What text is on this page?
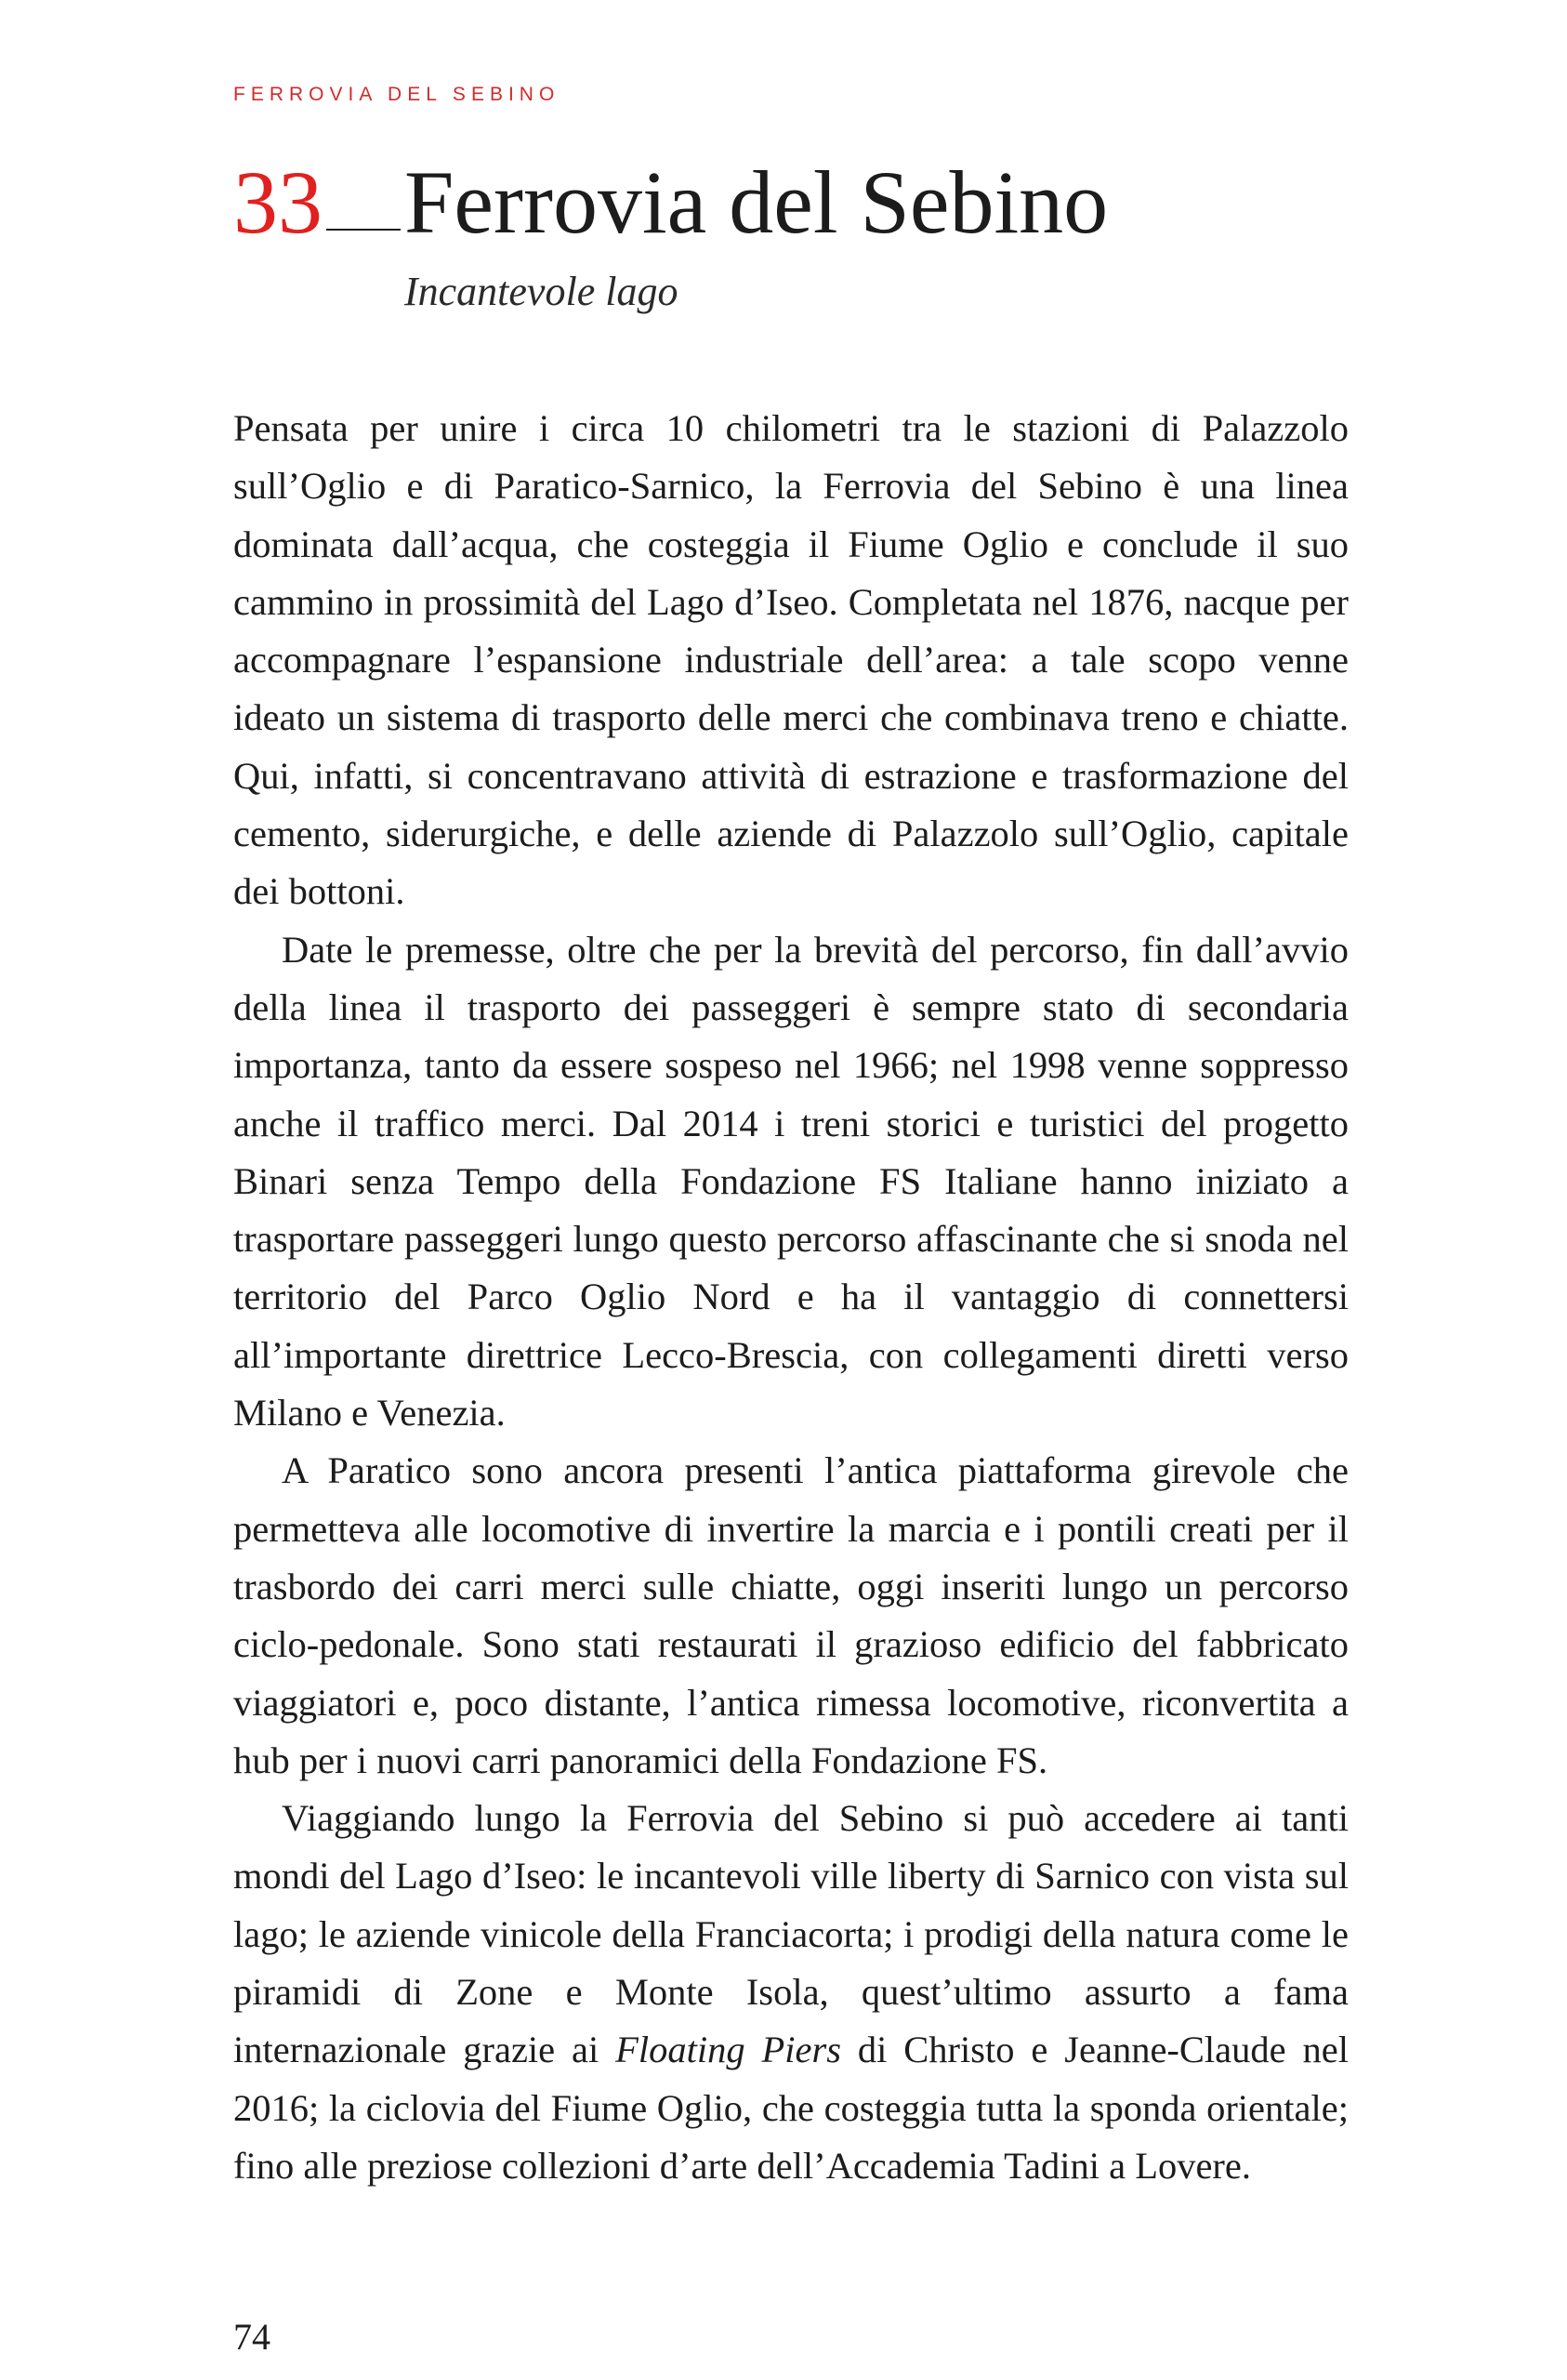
FERROVIA DEL SEBINO
33 Ferrovia del Sebino
Incantevole lago

Pensata per unire i circa 10 chilometri tra le stazioni di Palazzolo sull’Oglio e di Paratico-Sarnico, la Ferrovia del Sebino è una linea dominata dall’acqua, che costeggia il Fiume Oglio e conclude il suo cammino in prossimità del Lago d’Iseo. Completata nel 1876, nacque per accompagnare l’espansione industriale dell’area: a tale scopo venne ideato un sistema di trasporto delle merci che combinava treno e chiatte. Qui, infatti, si concentravano attività di estrazione e trasformazione del cemento, siderurgiche, e delle aziende di Palazzolo sull’Oglio, capitale dei bottoni.

Date le premesse, oltre che per la brevità del percorso, fin dall’avvio della linea il trasporto dei passeggeri è sempre stato di secondaria importanza, tanto da essere sospeso nel 1966; nel 1998 venne soppresso anche il traffico merci. Dal 2014 i treni storici e turistici del progetto Binari senza Tempo della Fondazione FS Italiane hanno iniziato a trasportare passeggeri lungo questo percorso affascinante che si snoda nel territorio del Parco Oglio Nord e ha il vantaggio di connettersi all’importante direttrice Lecco-Brescia, con collegamenti diretti verso Milano e Venezia.

A Paratico sono ancora presenti l’antica piattaforma girevole che permetteva alle locomotive di invertire la marcia e i pontili creati per il trasbordo dei carri merci sulle chiatte, oggi inseriti lungo un percorso ciclo-pedonale. Sono stati restaurati il grazioso edificio del fabbricato viaggiatori e, poco distante, l’antica rimessa locomotive, riconvertita a hub per i nuovi carri panoramici della Fondazione FS.

Viaggiando lungo la Ferrovia del Sebino si può accedere ai tanti mondi del Lago d’Iseo: le incantevoli ville liberty di Sarnico con vista sul lago; le aziende vinicole della Franciacorta; i prodigi della natura come le piramidi di Zone e Monte Isola, quest’ultimo assurto a fama internazionale grazie ai Floating Piers di Christo e Jeanne-Claude nel 2016; la ciclovia del Fiume Oglio, che costeggia tutta la sponda orientale; fino alle preziose collezioni d’arte dell’Accademia Tadini a Lovere.

74
